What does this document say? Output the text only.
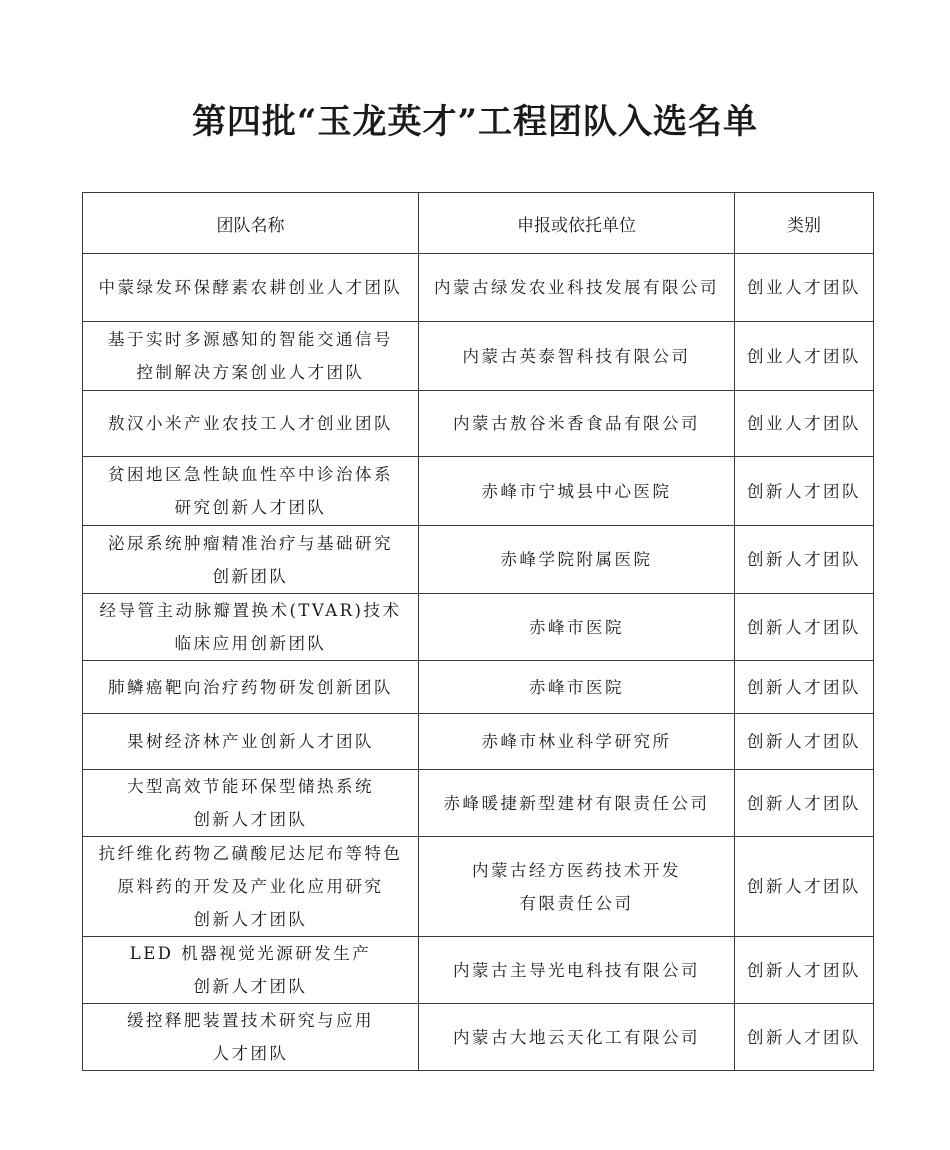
第四批“玉龙英才”工程团队入选名单
团队名称	申报或依托单位	类别

中蒙绿发环保酵素农耕创业人才团队	内蒙古绿发农业科技发展有限公司	创业人才团队

基于实时多源感知的智能交通信号
控制解决方案创业人才团队	内蒙古英泰智科技有限公司	创业人才团队

敖汉小米产业农技工人才创业团队	内蒙古敖谷米香食品有限公司	创业人才团队

贫困地区急性缺血性卒中诊治体系
研究创新人才团队	赤峰市宁城县中心医院	创新人才团队

泌尿系统肿瘤精准治疗与基础研究
创新团队	赤峰学院附属医院	创新人才团队

经导管主动脉瓣置换术(TVAR)技术
临床应用创新团队	赤峰市医院	创新人才团队

肺鳞癌靶向治疗药物研发创新团队	赤峰市医院	创新人才团队

果树经济林产业创新人才团队	赤峰市林业科学研究所	创新人才团队

大型高效节能环保型储热系统
创新人才团队	赤峰暖捷新型建材有限责任公司	创新人才团队

抗纤维化药物乙磺酸尼达尼布等特色
原料药的开发及产业化应用研究
创新人才团队	内蒙古经方医药技术开发
有限责任公司	创新人才团队

LED 机器视觉光源研发生产
创新人才团队	内蒙古主导光电科技有限公司	创新人才团队

缓控释肥装置技术研究与应用
人才团队	内蒙古大地云天化工有限公司	创新人才团队
